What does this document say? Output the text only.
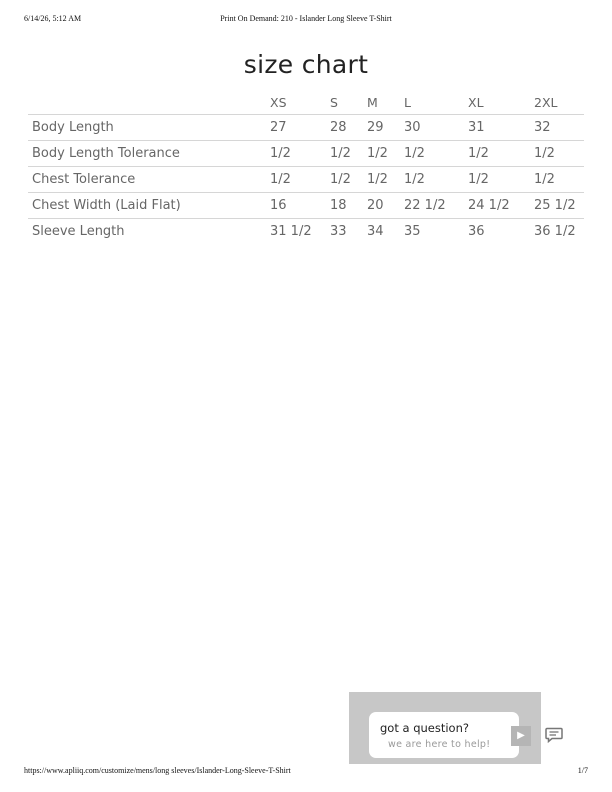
6/14/26, 5:12 AM	Print On Demand: 210 - Islander Long Sleeve T-Shirt
size chart
	XS	S	M	L	XL	2XL
Body Length	27	28	29	30	31	32
Body Length Tolerance	1/2	1/2	1/2	1/2	1/2	1/2
Chest Tolerance	1/2	1/2	1/2	1/2	1/2	1/2
Chest Width (Laid Flat)	16	18	20	22 1/2	24 1/2	25 1/2
Sleeve Length	31 1/2	33	34	35	36	36 1/2
got a question?
we are here to help!
▶
https://www.apliiq.com/customize/mens/long sleeves/Islander-Long-Sleeve-T-Shirt	1/7
